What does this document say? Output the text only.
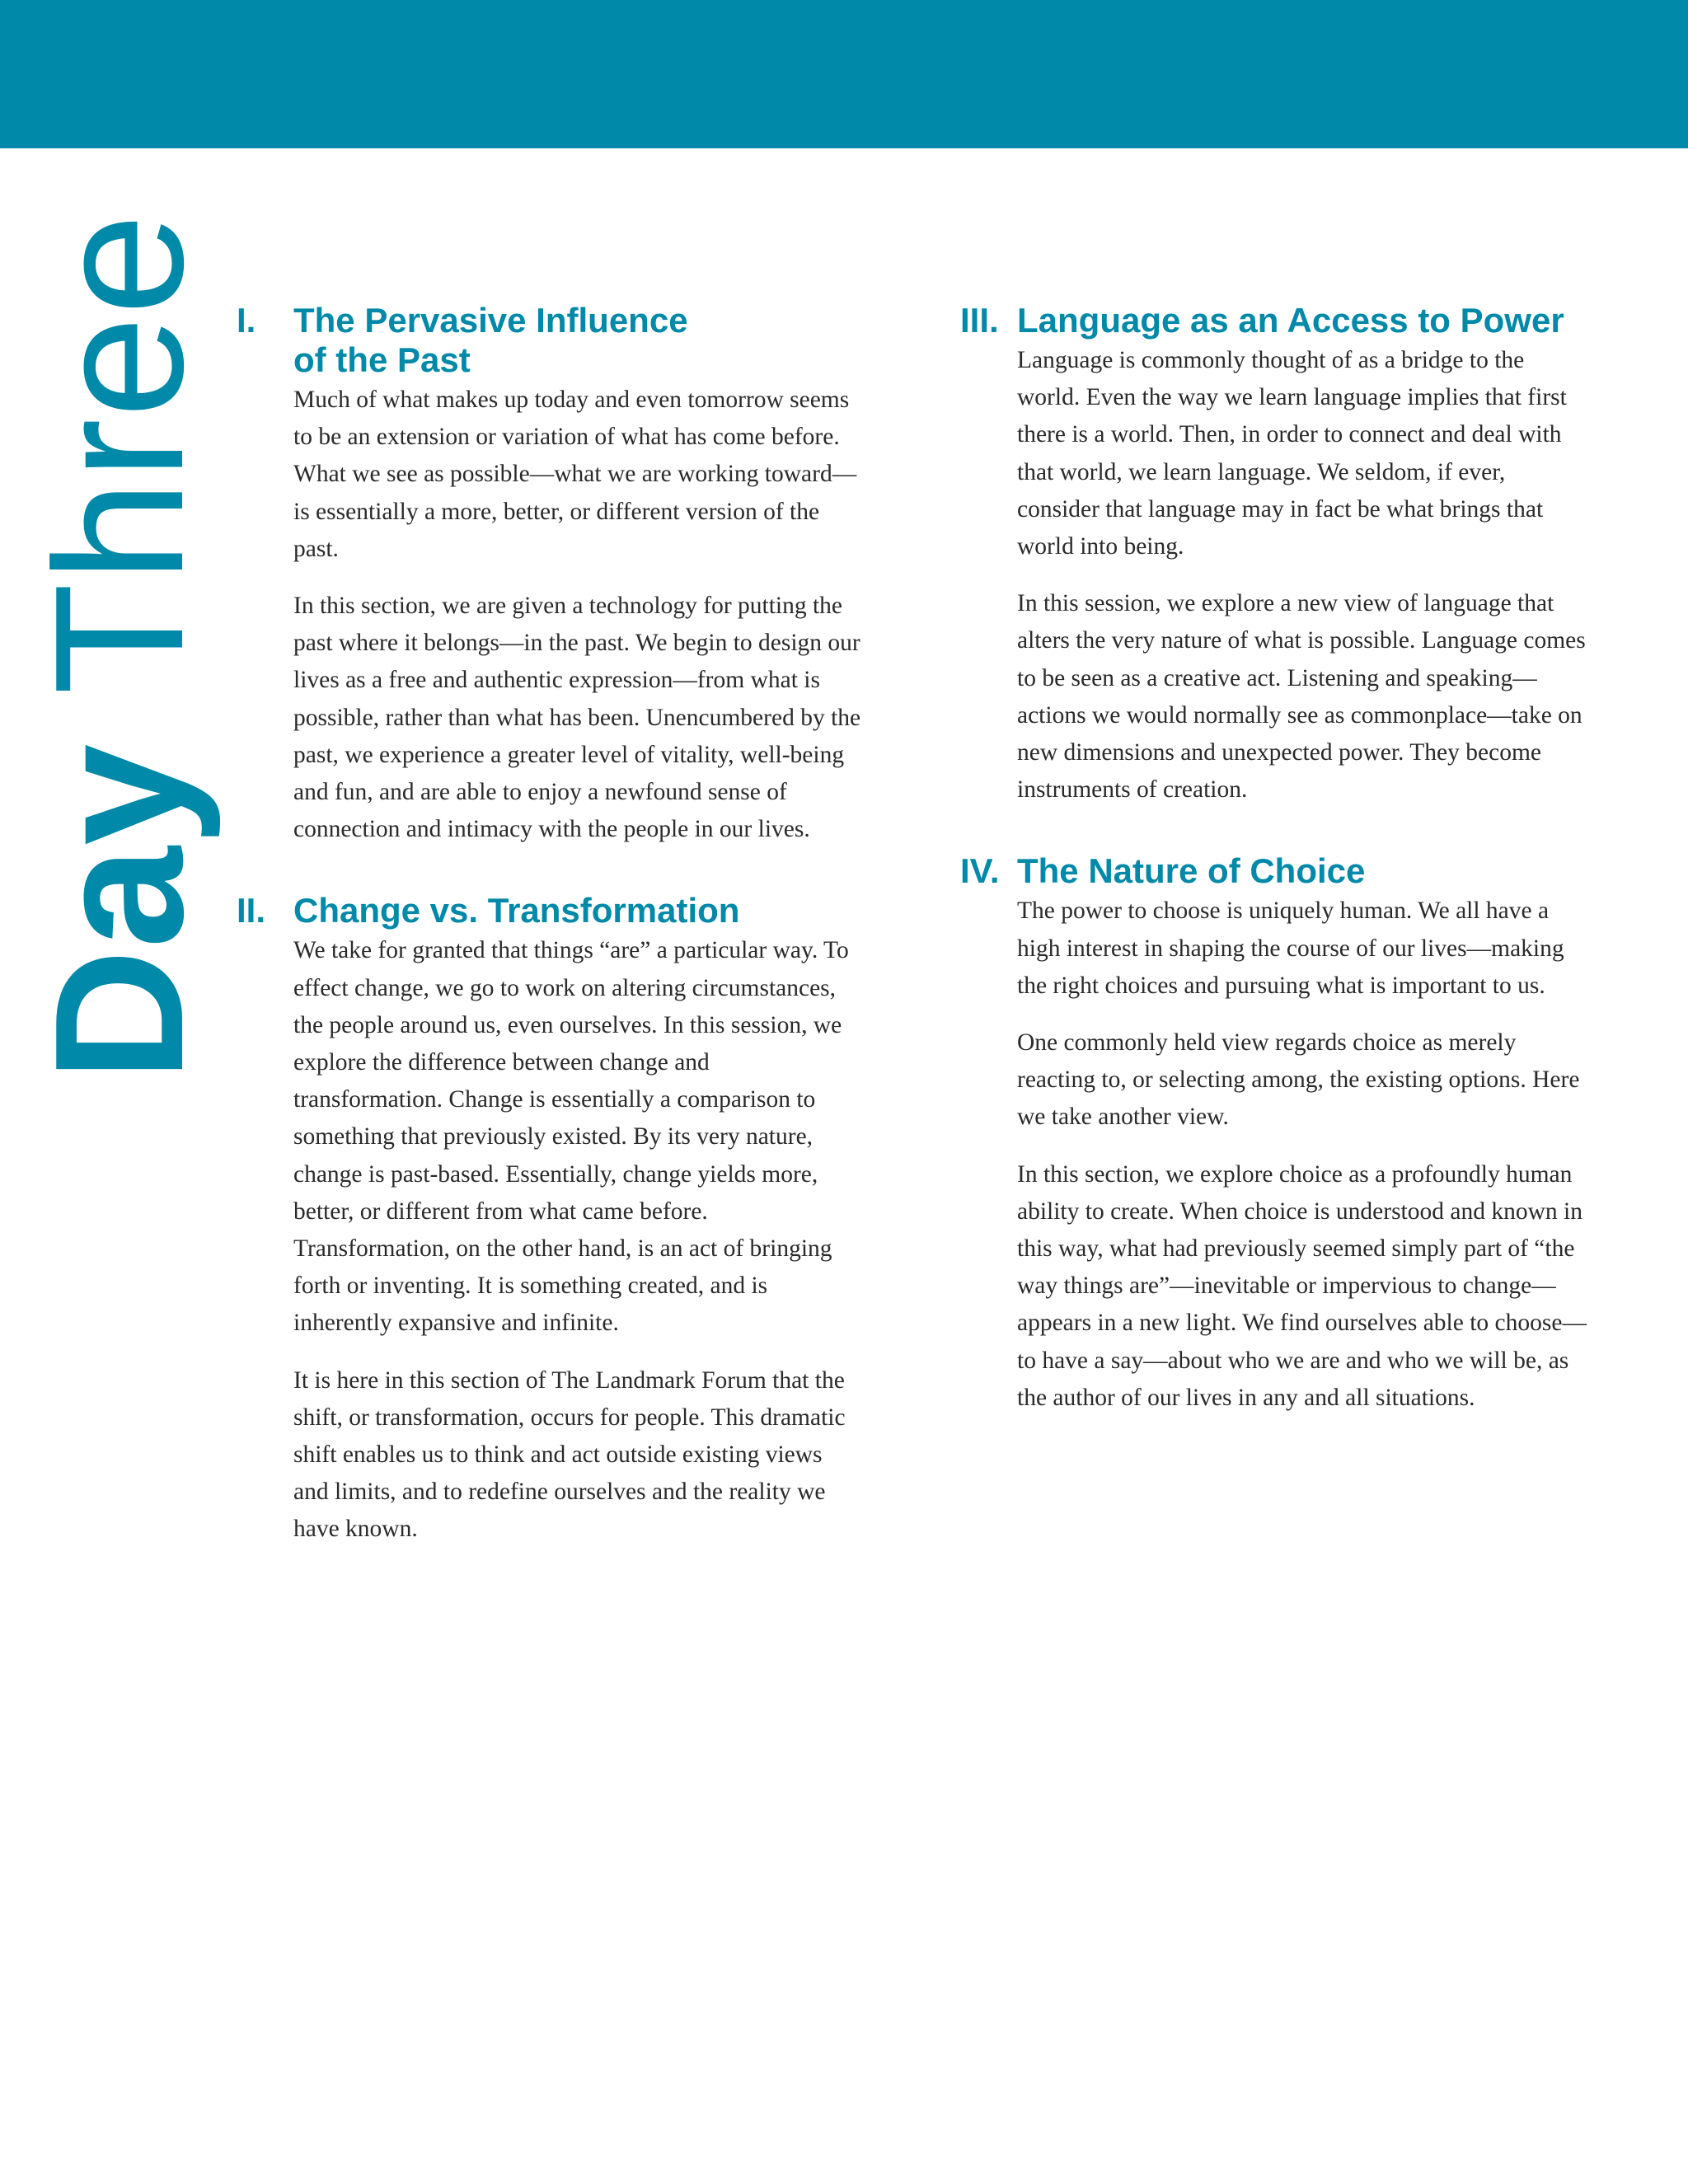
Day Three I.	The Pervasive Influence of the Past

Much of what makes up today and even tomorrow seems to be an extension or variation of what has come before. What we see as possible—what we are working toward—is essentially a more, better, or different version of the past.

In this section, we are given a technology for putting the past where it belongs—in the past. We begin to design our lives as a free and authentic expression—from what is possible, rather than what has been. Unencumbered by the past, we experience a greater level of vitality, well-being and fun, and are able to enjoy a newfound sense of connection and intimacy with the people in our lives.

II. Change vs. Transformation

We take for granted that things “are” a particular way. To effect change, we go to work on altering circumstances, the people around us, even ourselves. In this session, we explore the difference between change and transformation. Change is essentially a comparison to something that previously existed. By its very nature, change is past-based. Essentially, change yields more, better, or different from what came before. Transformation, on the other hand, is an act of bringing forth or inventing. It is something created, and is inherently expansive and infinite.

It is here in this section of The Landmark Forum that the shift, or transformation, occurs for people. This dramatic shift enables us to think and act outside existing views and limits, and to redefine ourselves and the reality we have known.

III. Language as an Access to Power

Language is commonly thought of as a bridge to the world. Even the way we learn language implies that first there is a world. Then, in order to connect and deal with that world, we learn language. We seldom, if ever, consider that language may in fact be what brings that world into being.

In this session, we explore a new view of language that alters the very nature of what is possible. Language comes to be seen as a creative act. Listening and speaking—actions we would normally see as commonplace—take on new dimensions and unexpected power. They become instruments of creation.

IV. The Nature of Choice

The power to choose is uniquely human. We all have a high interest in shaping the course of our lives—making the right choices and pursuing what is important to us.

One commonly held view regards choice as merely reacting to, or selecting among, the existing options. Here we take another view.

In this section, we explore choice as a profoundly human ability to create. When choice is understood and known in this way, what had previously seemed simply part of “the way things are”—inevitable or impervious to change—appears in a new light. We find ourselves able to choose—to have a say—about who we are and who we will be, as the author of our lives in any and all situations.
